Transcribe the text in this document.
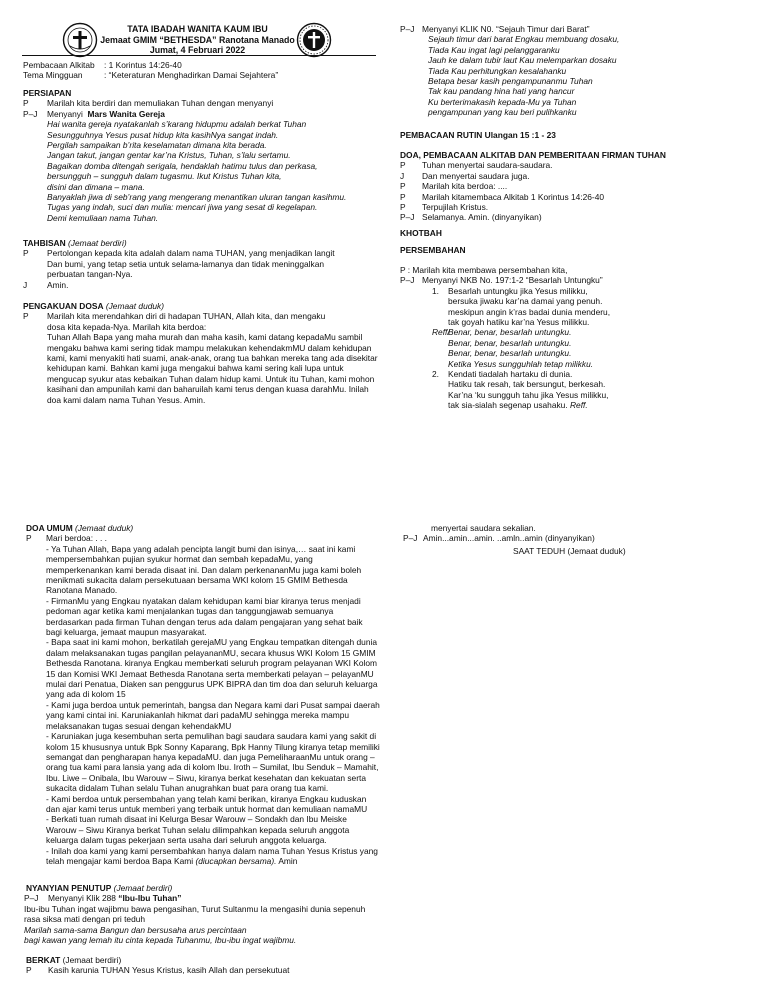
TATA IBADAH WANITA KAUM IBU
Jemaat GMIM “BETHESDA” Ranotana Manado
Jumat, 4 Februari 2022
Pembacaan Alkitab : 1 Korintus 14:26-40
Tema Mingguan	: “Keteraturan Menghadirkan Damai Sejahtera”
PERSIAPAN
P Marilah kita berdiri dan memuliakan Tuhan dengan menyanyi
P–J Menyanyi Mars Wanita Gereja
Hai wanita gereja nyatakanlah s’karang hidupmu adalah berkat Tuhan
Sesungguhnya Yesus pusat hidup kita kasihNya sangat indah.
Pergilah sampaikan b’rita keselamatan dimana kita berada.
Jangan takut, jangan gentar kar’na Kristus, Tuhan, s’lalu sertamu.
Bagaikan domba ditengah serigala, hendaklah hatimu tulus dan perkasa,
bersungguh – sungguh dalam tugasmu. Ikut Kristus Tuhan kita,
disini dan dimana – mana.
Banyaklah jiwa di seb’rang yang mengerang menantikan uluran tangan kasihmu.
Tugas yang indah, suci dan mulia: mencari jiwa yang sesat di kegelapan.
Demi kemuliaan nama Tuhan.
TAHBISAN (Jemaat berdiri)
P Pertolongan kepada kita adalah dalam nama TUHAN, yang menjadikan langit
Dan bumi, yang tetap setia untuk selama-lamanya dan tidak meninggalkan
perbuatan tangan-Nya.
J Amin.
PENGAKUAN DOSA (Jemaat duduk)
P Marilah kita merendahkan diri di hadapan TUHAN, Allah kita, dan mengaku
dosa kita kepada-Nya. Marilah kita berdoa:
Tuhan Allah Bapa yang maha murah dan maha kasih, kami datang kepadaMu sambil
mengaku bahwa kami sering tidak mampu melakukan kehendakmMU dalam kehidupan
kami, kami menyakiti hati suami, anak-anak, orang tua bahkan mereka tang ada disekitar
kehidupan kami. Bahkan kami juga mengakui bahwa kami sering kali lupa untuk
mengucap syukur atas kebaikan Tuhan dalam hidup kami. Untuk itu Tuhan, kami mohon
kasihani dan ampunilah kami dan baharuilah kami terus dengan kuasa darahMu. Inilah
doa kami dalam nama Tuhan Yesus. Amin.
P–J Menyanyi KLIK N0. “Sejauh Timur dari Barat”
Sejauh timur dari barat Engkau membuang dosaku,
Tiada Kau ingat lagi pelanggaranku
Jauh ke dalam tubir laut Kau melemparkan dosaku
Tiada Kau perhitungkan kesalahanku
Betapa besar kasih pengampunanmu Tuhan
Tak kau pandang hina hati yang hancur
Ku berterimakasih kepada-Mu ya Tuhan
pengampunan yang kau beri pulihkanku
PEMBACAAN RUTIN Ulangan 15 :1 - 23
DOA, PEMBACAAN ALKITAB DAN PEMBERITAAN FIRMAN TUHAN
P Tuhan menyertai saudara-saudara.
J Dan menyertai saudara juga.
P Marilah kita berdoa: ....
P Marilah kitamembaca Alkitab 1 Korintus 14:26-40
P Terpujilah Kristus.
P–J Selamanya. Amin. (dinyanyikan)
KHOTBAH
PERSEMBAHAN
P : Marilah kita membawa persembahan kita,
P–J Menyanyi NKB No. 197:1-2 “Besarlah Untungku”
1. Besarlah untungku jika Yesus milikku,
bersuka jiwaku kar’na damai yang penuh.
meskipun angin k’ras badai dunia menderu,
tak goyah hatiku kar’na Yesus milikku.
Reff/
Benar, benar, besarlah untungku.
Benar, benar, besarlah untungku.
Benar, benar, besarlah untungku.
Ketika Yesus sungguhlah tetap milikku.
2. Kendati tiadalah hartaku di dunia.
Hatiku tak resah, tak bersungut, berkesah.
Kar’na ‘ku sungguh tahu jika Yesus milikku,
tak sia-sialah segenap usahaku. Reff.
DOA UMUM (Jemaat duduk)
P Mari berdoa: . . .
- Ya Tuhan Allah, Bapa yang adalah pencipta langit bumi dan isinya,… saat ini kami
mempersembahkan pujian syukur hormat dan sembah kepadaMu, yang
memperkenankan kami berada disaat ini. Dan dalam perkenananMu juga kami boleh
menikmati sukacita dalam persekutuaan bersama WKI kolom 15 GMIM Bethesda
Ranotana Manado.
- FirmanMu yang Engkau nyatakan dalam kehidupan kami biar kiranya terus menjadi
pedoman agar ketika kami menjalankan tugas dan tanggungjawab semuanya
berdasarkan pada firman Tuhan dengan terus ada dalam pengajaran yang sehat baik
bagi keluarga, jemaat maupun masyarakat.
- Bapa saat ini kami mohon, berkatilah gerejaMU yang Engkau tempatkan ditengah dunia
dalam melaksanakan tugas pangilan pelayananMU, secara khusus WKI Kolom 15 GMIM
Bethesda Ranotana. kiranya Engkau memberkati seluruh program pelayanan WKI Kolom
15 dan Komisi WKI Jemaat Bethesda Ranotana serta memberkati pelayan – pelayanMU
mulai dari Penatua, Diaken san penggurus UPK BIPRA dan tim doa dan seluruh keluarga
yang ada di kolom 15
- Kami juga berdoa untuk pemerintah, bangsa dan Negara kami dari Pusat sampai daerah
yang kami cintai ini. Karuniakanlah hikmat dari padaMU sehingga mereka mampu
melaksanakan tugas sesuai dengan kehendakMU
- Karuniakan juga kesembuhan serta pemulihan bagi saudara saudara kami yang sakit di
kolom 15 khususnya untuk Bpk Sonny Kaparang, Bpk Hanny Tilung kiranya tetap memiliki
semangat dan pengharapan hanya kepadaMU. dan juga PemeliharaanMu untuk orang –
orang tua kami para lansia yang ada di kolom Ibu. Iroth – Sumilat, Ibu Senduk – Mamahit,
Ibu. Liwe – Onibala, Ibu Warouw – Siwu, kiranya berkat kesehatan dan kekuatan serta
sukacita didalam Tuhan selalu Tuhan anugrahkan buat para orang tua kami.
- Kami berdoa untuk persembahan yang telah kami berikan, kiranya Engkau kuduskan
dan ajar kami terus untuk memberi yang terbaik untuk hormat dan kemuliaan namaMU
- Berkati tuan rumah disaat ini Kelurga Besar Warouw – Sondakh dan Ibu Meiske
Warouw – Siwu Kiranya berkat Tuhan selalu dilimpahkan kepada seluruh anggota
keluarga dalam tugas pekerjaan serta usaha dari seluruh anggota keluarga.
- Inilah doa kami yang kami persembahkan hanya dalam nama Tuhan Yesus Kristus yang
telah mengajar kami berdoa Bapa Kami (diucapkan bersama). Amin
menyertai saudara sekalian.
P–J Amin...amin...amin. ..amln..amin (dinyanyikan)
SAAT TEDUH (Jemaat duduk)
NYANYIAN PENUTUP (Jemaat berdiri)
P–J Menyanyi Klik 288 “Ibu-Ibu Tuhan”
Ibu-ibu Tuhan ingat wajibmu bawa pengasihan, Turut Sultanmu Ia mengasihi dunia sepenuh
rasa siksa mati dengan pri teduh
Marilah sama-sama Bangun dan bersusaha arus percintaan
bagi kawan yang lemah itu cinta kepada Tuhanmu, Ibu-ibu ingat wajibmu.
BERKAT (Jemaat berdiri)
P Kasih karunia TUHAN Yesus Kristus, kasih Allah dan persekutuat
